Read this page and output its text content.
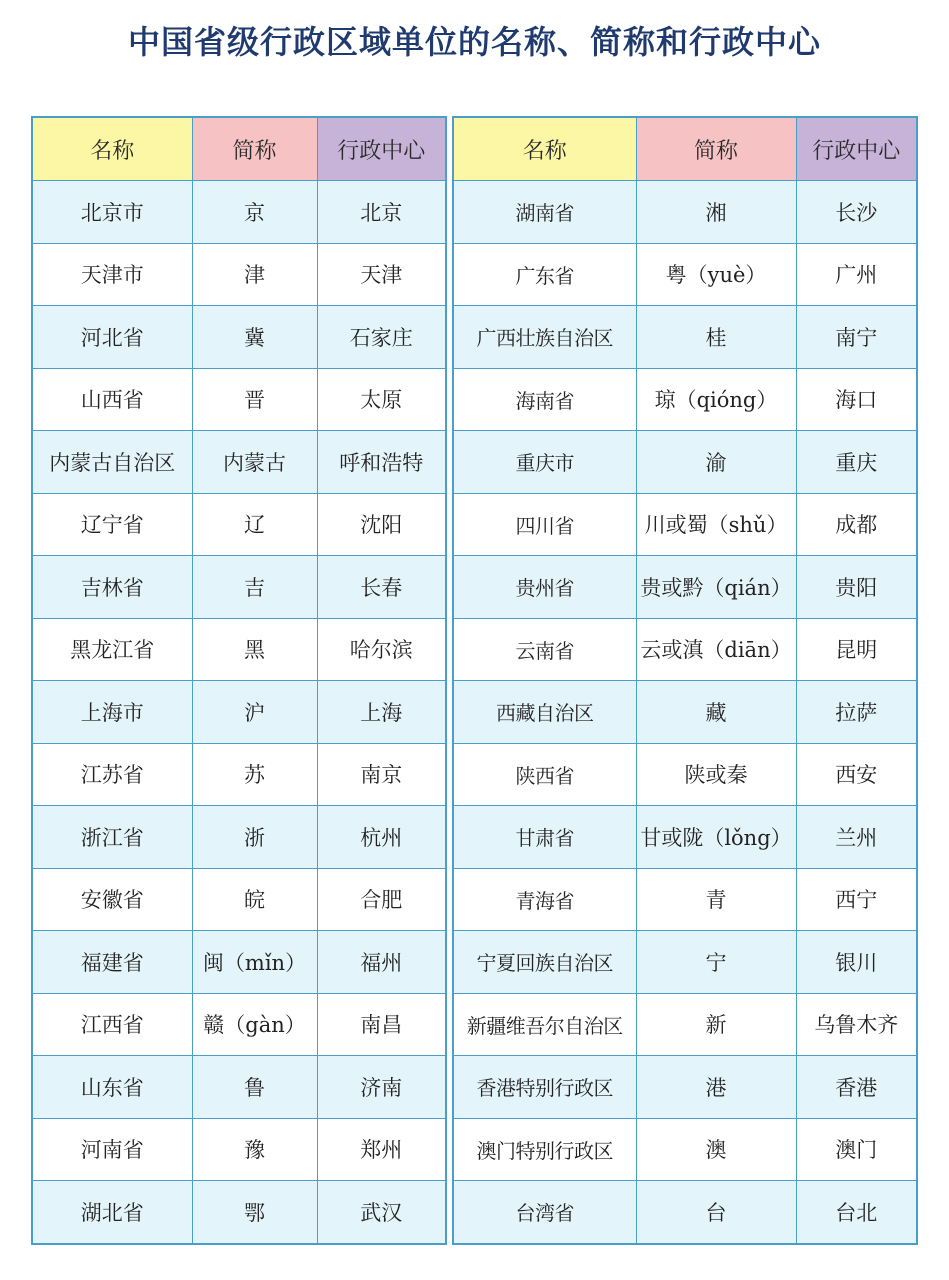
中国省级行政区域单位的名称、简称和行政中心
名称	简称	行政中心
北京市	京	北京
天津市	津	天津
河北省	冀	石家庄
山西省	晋	太原
内蒙古自治区	内蒙古	呼和浩特
辽宁省	辽	沈阳
吉林省	吉	长春
黑龙江省	黑	哈尔滨
上海市	沪	上海
江苏省	苏	南京
浙江省	浙	杭州
安徽省	皖	合肥
福建省	闽（mǐn）	福州
江西省	赣（gàn）	南昌
山东省	鲁	济南
河南省	豫	郑州
湖北省	鄂	武汉
名称	简称	行政中心
湖南省	湘	长沙
广东省	粤（yuè）	广州
广西壮族自治区	桂	南宁
海南省	琼（qióng）	海口
重庆市	渝	重庆
四川省	川或蜀（shǔ）	成都
贵州省	贵或黔（qián）	贵阳
云南省	云或滇（diān）	昆明
西藏自治区	藏	拉萨
陕西省	陕或秦	西安
甘肃省	甘或陇（lǒng）	兰州
青海省	青	西宁
宁夏回族自治区	宁	银川
新疆维吾尔自治区	新	乌鲁木齐
香港特别行政区	港	香港
澳门特别行政区	澳	澳门
台湾省	台	台北
